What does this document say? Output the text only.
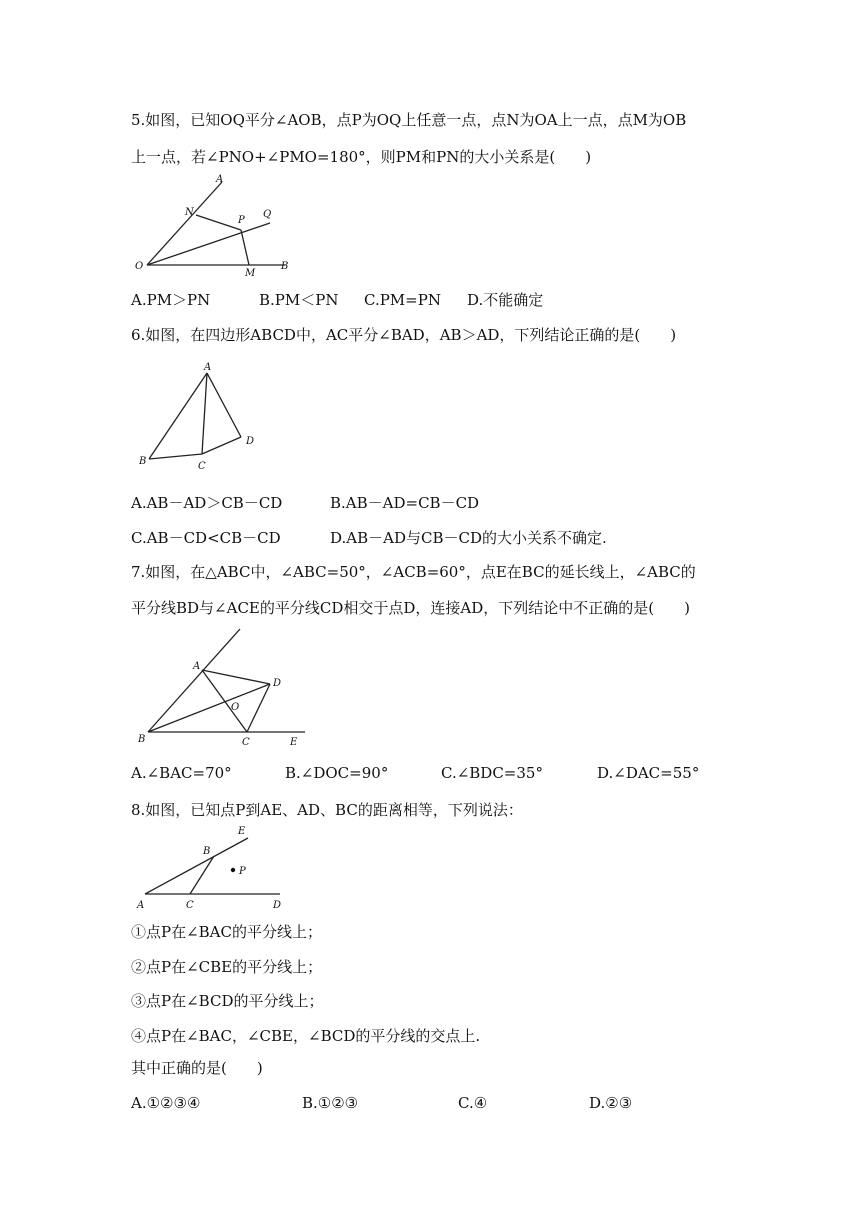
5.如图，已知OQ平分∠AOB，点P为OQ上任意一点，点N为OA上一点，点M为OB
上一点，若∠PNO+∠PMO=180°，则PM和PN的大小关系是(　　)
A
N
P
Q
O
M
B
A.PM＞PN	B.PM＜PN C.PM=PN D.不能确定
6.如图，在四边形ABCD中，AC平分∠BAD，AB＞AD，下列结论正确的是(　　)
A
B	C
D
A.AB－AD＞CB－CD	B.AB－AD=CB－CD
C.AB－CD<CB－CD	D.AB－AD与CB－CD的大小关系不确定.
7.如图，在△ABC中，∠ABC=50°，∠ACB=60°，点E在BC的延长线上，∠ABC的
平分线BD与∠ACE的平分线CD相交于点D，连接AD，下列结论中不正确的是(　　)
A
D
O
B	C	E
A.∠BAC=70°	B.∠DOC=90°	C.∠BDC=35°	D.∠DAC=55°
8.如图，已知点P到AE、AD、BC的距离相等，下列说法：
E
B
P
A	C	D
①点P在∠BAC的平分线上；
②点P在∠CBE的平分线上；
③点P在∠BCD的平分线上；
④点P在∠BAC，∠CBE，∠BCD的平分线的交点上.
其中正确的是(　　)
A.①②③④	B.①②③	C.④	D.②③
